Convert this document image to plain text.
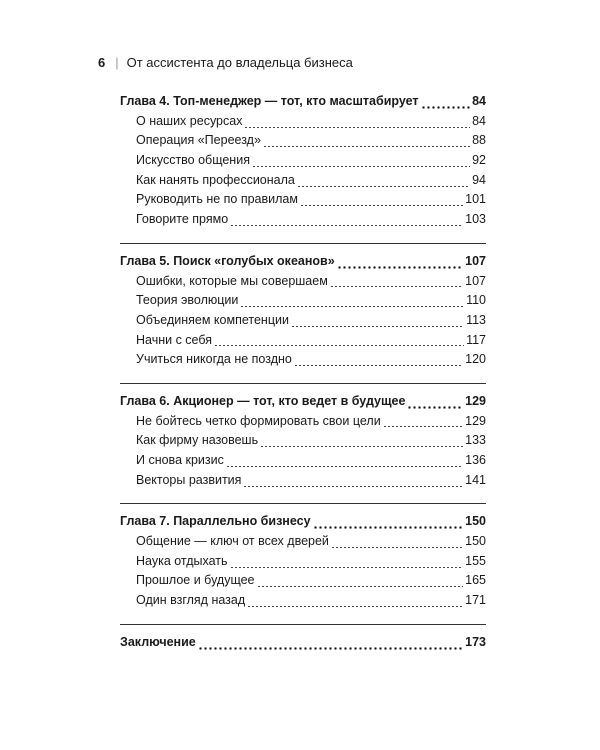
6 | От ассистента до владельца бизнеса
Глава 4. Топ-менеджер — тот, кто масштабирует	84
О наших ресурсах	84
Операция «Переезд»	88
Искусство общения	92
Как нанять профессионала	94
Руководить не по правилам	101
Говорите прямо	103
Глава 5. Поиск «голубых океанов»	107
Ошибки, которые мы совершаем	107
Теория эволюции	110
Объединяем компетенции	113
Начни с себя	117
Учиться никогда не поздно	120
Глава 6. Акционер — тот, кто ведет в будущее	129
Не бойтесь четко формировать свои цели	129
Как фирму назовешь	133
И снова кризис	136
Векторы развития	141
Глава 7. Параллельно бизнесу	150
Общение — ключ от всех дверей	150
Наука отдыхать	155
Прошлое и будущее	165
Один взгляд назад	171
Заключение	173
